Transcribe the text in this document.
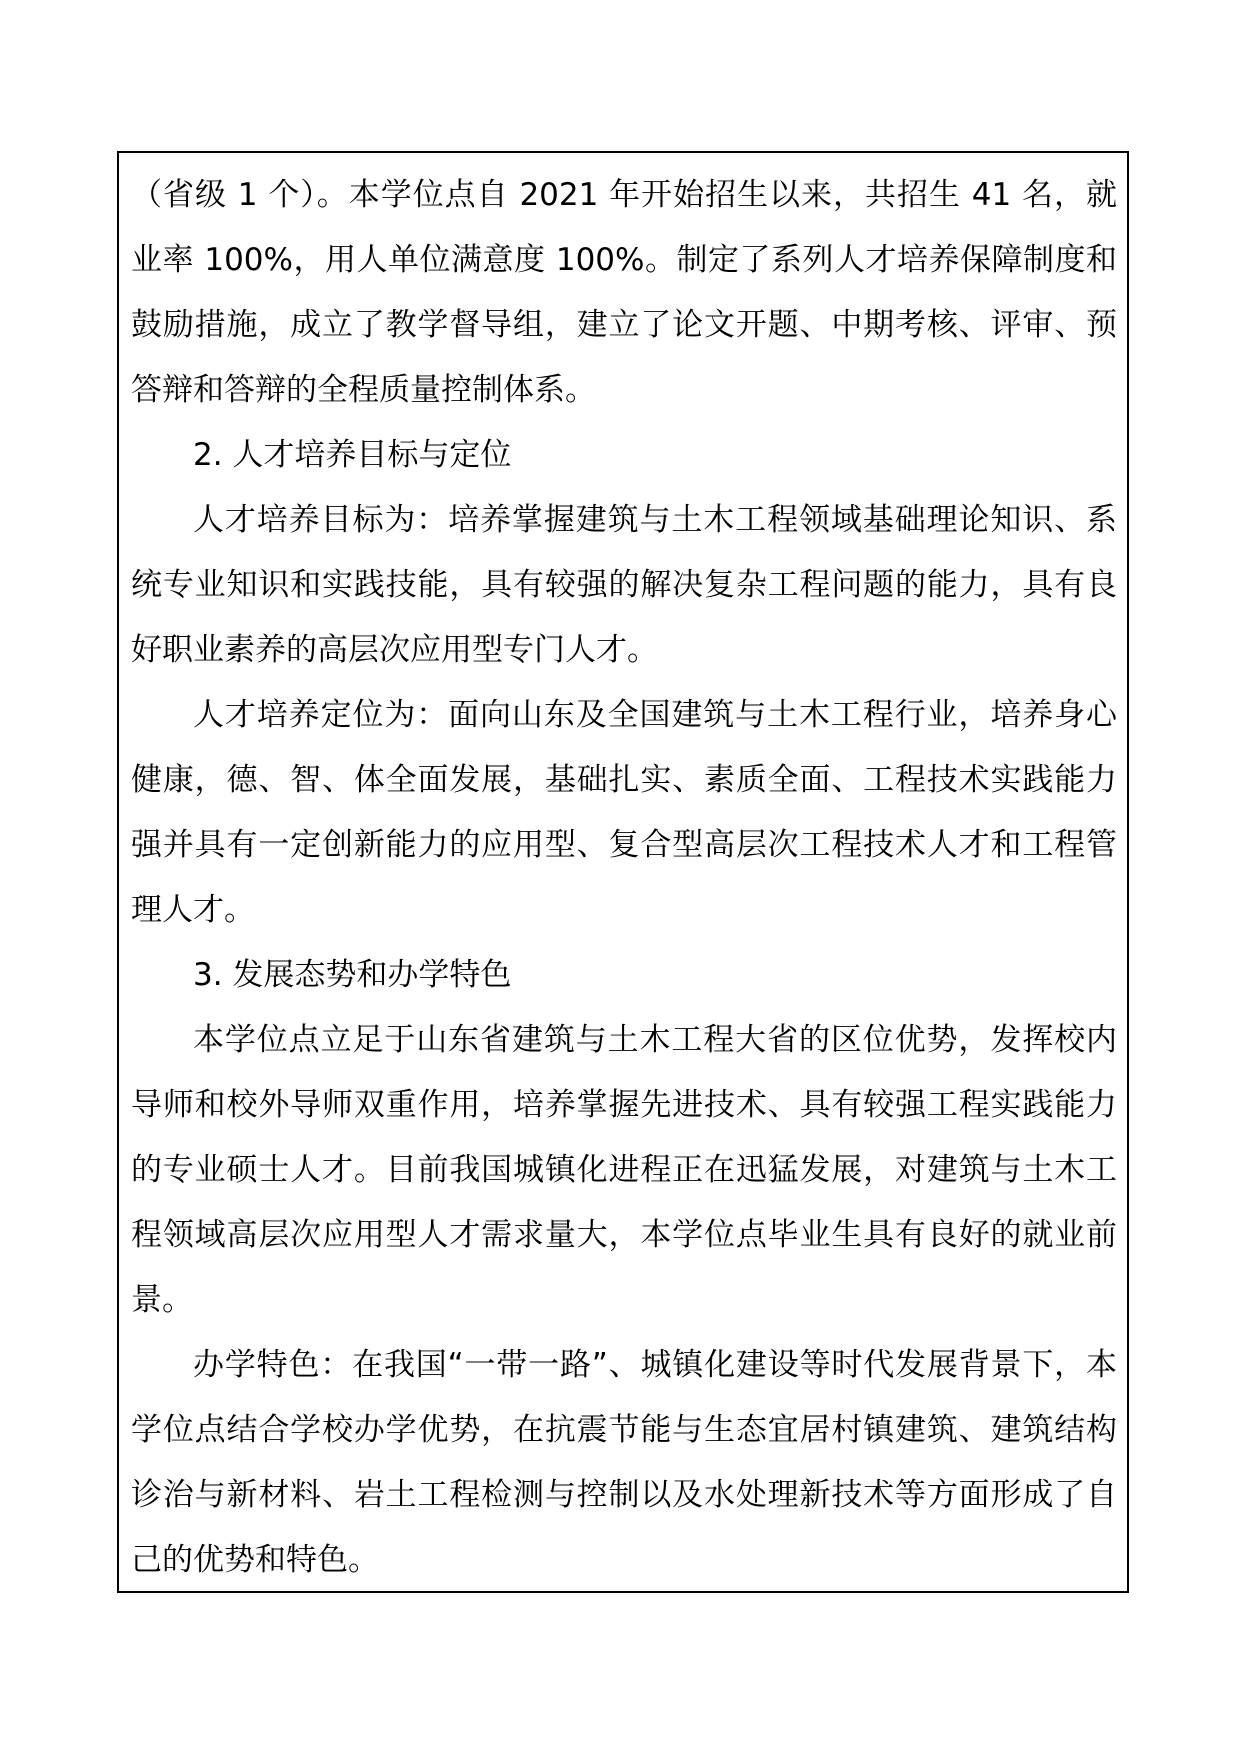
（省级 1 个）。本学位点自 2021 年开始招生以来，共招生 41 名，就业率 100%，用人单位满意度 100%。制定了系列人才培养保障制度和鼓励措施，成立了教学督导组，建立了论文开题、中期考核、评审、预答辩和答辩的全程质量控制体系。

2. 人才培养目标与定位

人才培养目标为：培养掌握建筑与土木工程领域基础理论知识、系统专业知识和实践技能，具有较强的解决复杂工程问题的能力，具有良好职业素养的高层次应用型专门人才。

人才培养定位为：面向山东及全国建筑与土木工程行业，培养身心健康，德、智、体全面发展，基础扎实、素质全面、工程技术实践能力强并具有一定创新能力的应用型、复合型高层次工程技术人才和工程管理人才。

3. 发展态势和办学特色

本学位点立足于山东省建筑与土木工程大省的区位优势，发挥校内导师和校外导师双重作用，培养掌握先进技术、具有较强工程实践能力的专业硕士人才。目前我国城镇化进程正在迅猛发展，对建筑与土木工程领域高层次应用型人才需求量大，本学位点毕业生具有良好的就业前景。

办学特色：在我国“一带一路”、城镇化建设等时代发展背景下，本学位点结合学校办学优势，在抗震节能与生态宜居村镇建筑、建筑结构诊治与新材料、岩土工程检测与控制以及水处理新技术等方面形成了自己的优势和特色。
